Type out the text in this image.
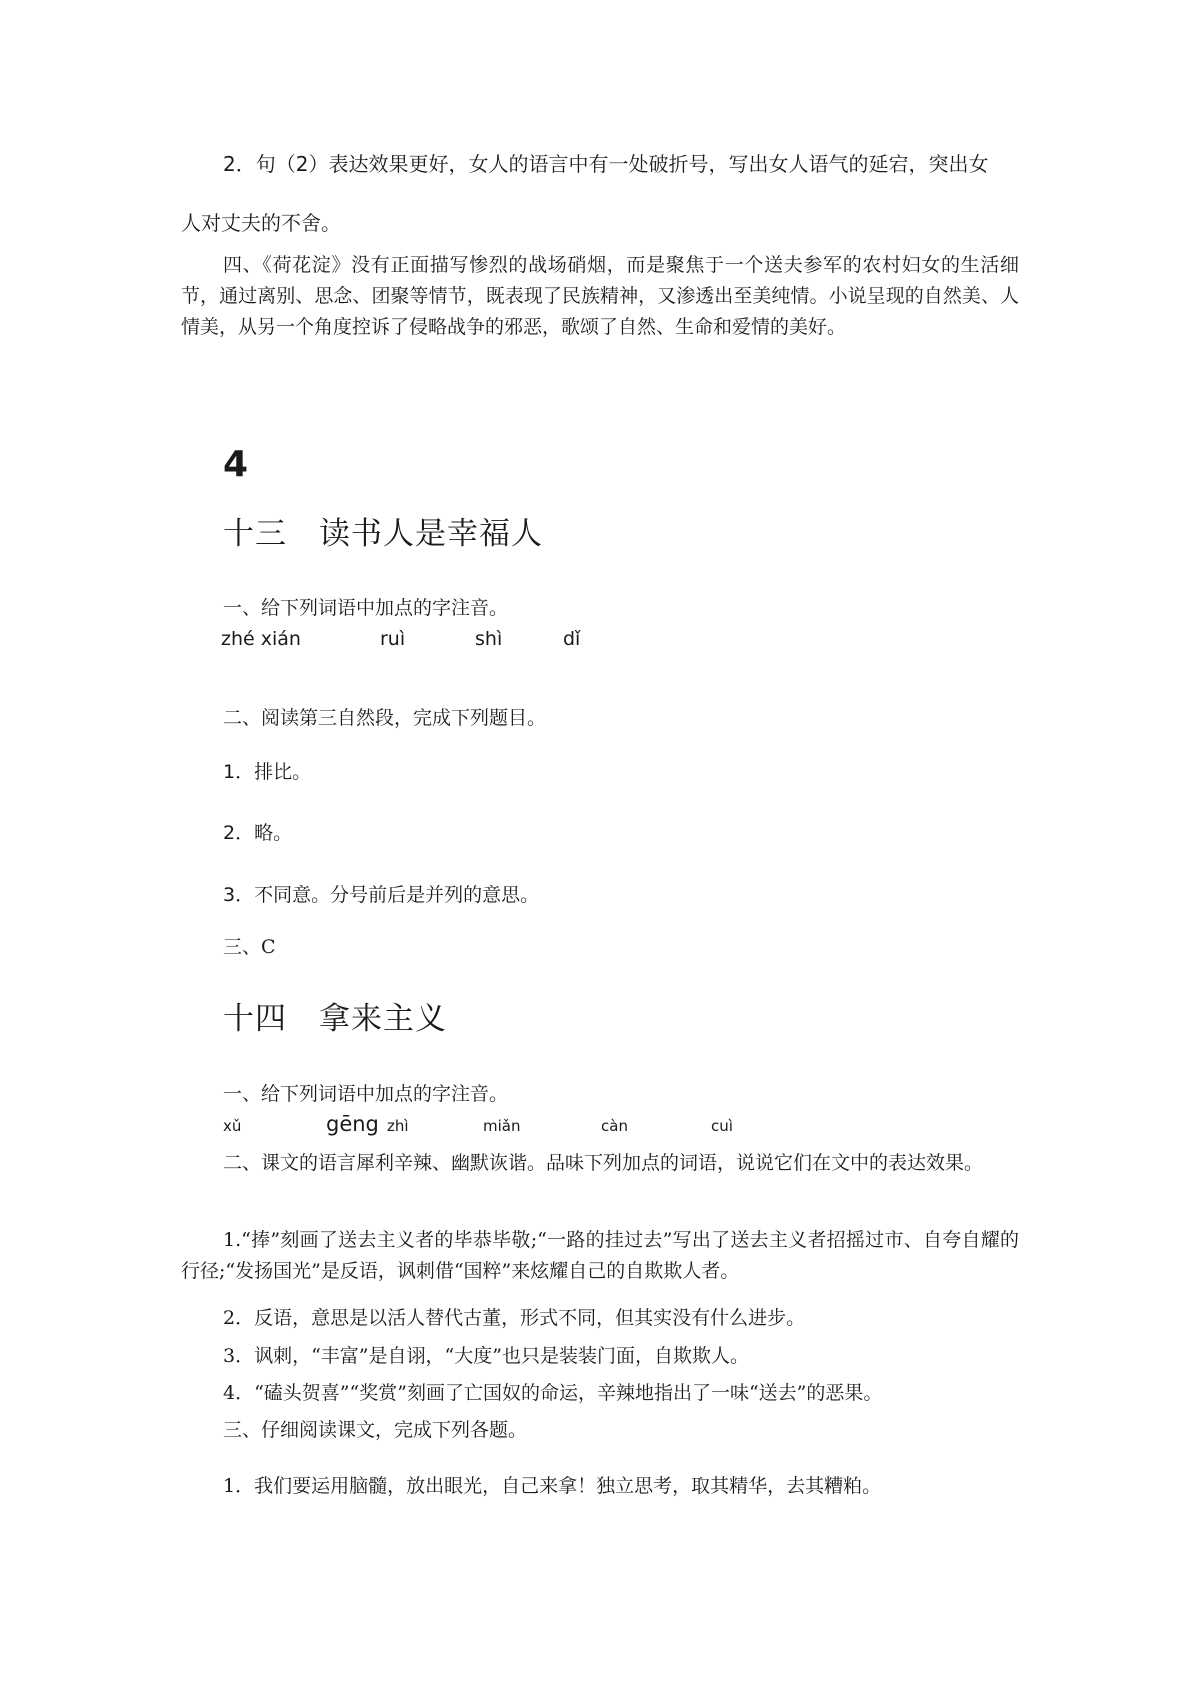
2．句（2）表达效果更好，女人的语言中有一处破折号，写出女人语气的延宕，突出女

人对丈夫的不舍。

四、《荷花淀》没有正面描写惨烈的战场硝烟，而是聚焦于一个送夫参军的农村妇女的生活细节，通过离别、思念、团聚等情节，既表现了民族精神，又渗透出至美纯情。小说呈现的自然美、人情美，从另一个角度控诉了侵略战争的邪恶，歌颂了自然、生命和爱情的美好。

4

十三　读书人是幸福人

一、给下列词语中加点的字注音。

zhé xián	ruì	shì	dǐ

二、阅读第三自然段，完成下列题目。

1．排比。

2．略。

3．不同意。分号前后是并列的意思。

三、C

十四　拿来主义

一、给下列词语中加点的字注音。

xǔ	gēng zhì	miǎn	càn	cuì

二、课文的语言犀利辛辣、幽默诙谐。品味下列加点的词语，说说它们在文中的表达效果。

1.“捧”刻画了送去主义者的毕恭毕敬;“一路的挂过去”写出了送去主义者招摇过市、自夸自耀的行径;“发扬国光”是反语，讽刺借“国粹”来炫耀自己的自欺欺人者。

2．反语，意思是以活人替代古董，形式不同，但其实没有什么进步。

3．讽刺，“丰富”是自诩，“大度”也只是装装门面，自欺欺人。

4．“磕头贺喜”“奖赏”刻画了亡国奴的命运，辛辣地指出了一味“送去”的恶果。

三、仔细阅读课文，完成下列各题。

1．我们要运用脑髓，放出眼光，自己来拿！独立思考，取其精华，去其糟粕。
